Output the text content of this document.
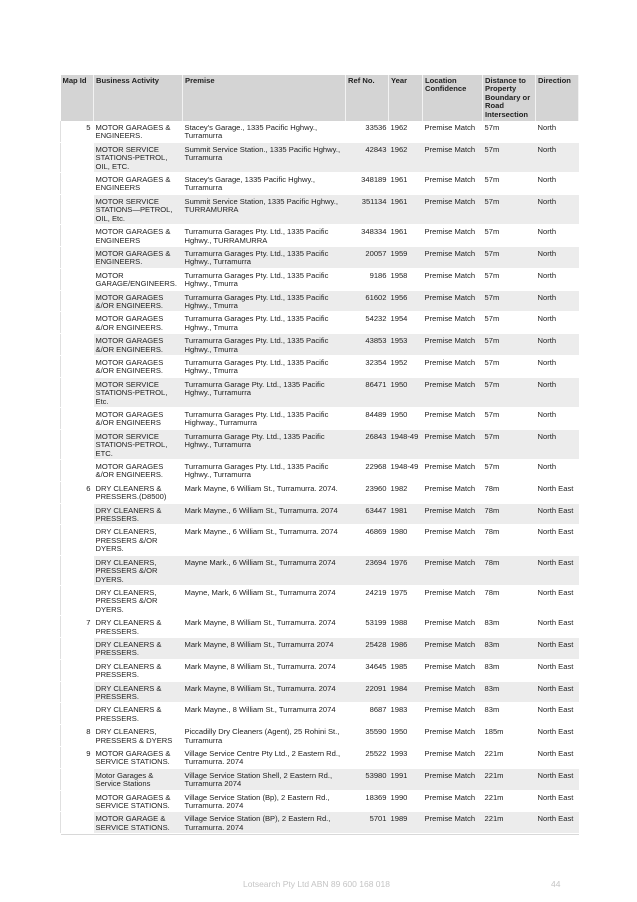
Map Id	Business Activity	Premise	Ref No.	Year	Location Confidence	Distance to Property Boundary or Road Intersection	Direction
5	MOTOR GARAGES & ENGINEERS.	Stacey's Garage., 1335 Pacific Hghwy., Turramurra	33536	1962	Premise Match	57m	North
	MOTOR SERVICE STATIONS-PETROL, OIL, ETC.	Summit Service Station., 1335 Pacific Hghwy., Turramurra	42843	1962	Premise Match	57m	North
	MOTOR GARAGES & ENGINEERS	Stacey's Garage, 1335 Pacific Hghwy., Turramurra	348189	1961	Premise Match	57m	North
	MOTOR SERVICE STATIONS—PETROL, OIL, Etc.	Summit Service Station, 1335 Pacific Hghwy., TURRAMURRA	351134	1961	Premise Match	57m	North
	MOTOR GARAGES & ENGINEERS	Turramurra Garages Pty. Ltd., 1335 Pacific Hghwy., TURRAMURRA	348334	1961	Premise Match	57m	North
	MOTOR GARAGES & ENGINEERS.	Turramurra Garages Pty. Ltd., 1335 Pacific Hghwy., Turramurra	20057	1959	Premise Match	57m	North
	MOTOR GARAGE/ENGINEERS.	Turramurra Garages Pty. Ltd., 1335 Pacific Hghwy., Tmurra	9186	1958	Premise Match	57m	North
	MOTOR GARAGES &/OR ENGINEERS.	Turramurra Garages Pty. Ltd., 1335 Pacific Hghwy., Tmurra	61602	1956	Premise Match	57m	North
	MOTOR GARAGES &/OR ENGINEERS.	Turramurra Garages Pty. Ltd., 1335 Pacific Hghwy., Tmurra	54232	1954	Premise Match	57m	North
	MOTOR GARAGES &/OR ENGINEERS.	Turramurra Garages Pty. Ltd., 1335 Pacific Hghwy., Tmurra	43853	1953	Premise Match	57m	North
	MOTOR GARAGES &/OR ENGINEERS.	Turramurra Garages Pty. Ltd., 1335 Pacific Hghwy., Tmurra	32354	1952	Premise Match	57m	North
	MOTOR SERVICE STATIONS-PETROL, Etc.	Turramurra Garage Pty. Ltd., 1335 Pacific Hghwy., Turramurra	86471	1950	Premise Match	57m	North
	MOTOR GARAGES &/OR ENGINEERS	Turramurra Garages Pty. Ltd., 1335 Pacific Highway., Turramurra	84489	1950	Premise Match	57m	North
	MOTOR SERVICE STATIONS-PETROL, ETC.	Turramurra Garage Pty. Ltd., 1335 Pacific Hghwy., Turramurra	26843	1948-49	Premise Match	57m	North
	MOTOR GARAGES &/OR ENGINEERS.	Turramurra Garages Pty. Ltd., 1335 Pacific Hghwy., Turramurra	22968	1948-49	Premise Match	57m	North
6	DRY CLEANERS & PRESSERS.(D8500)	Mark Mayne, 6 William St., Turramurra. 2074.	23960	1982	Premise Match	78m	North East
	DRY CLEANERS & PRESSERS.	Mark Mayne., 6 William St., Turramurra. 2074	63447	1981	Premise Match	78m	North East
	DRY CLEANERS, PRESSERS &/OR DYERS.	Mark Mayne., 6 William St., Turramurra. 2074	46869	1980	Premise Match	78m	North East
	DRY CLEANERS, PRESSERS &/OR DYERS.	Mayne Mark., 6 William St., Turramurra 2074	23694	1976	Premise Match	78m	North East
	DRY CLEANERS, PRESSERS &/OR DYERS.	Mayne, Mark, 6 William St., Turramurra 2074	24219	1975	Premise Match	78m	North East
7	DRY CLEANERS & PRESSERS.	Mark Mayne, 8 William St., Turramurra. 2074	53199	1988	Premise Match	83m	North East
	DRY CLEANERS & PRESSERS.	Mark Mayne, 8 William St., Turramurra 2074	25428	1986	Premise Match	83m	North East
	DRY CLEANERS & PRESSERS.	Mark Mayne, 8 William St., Turramurra. 2074	34645	1985	Premise Match	83m	North East
	DRY CLEANERS & PRESSERS.	Mark Mayne, 8 William St., Turramurra. 2074	22091	1984	Premise Match	83m	North East
	DRY CLEANERS & PRESSERS.	Mark Mayne., 8 William St., Turramurra 2074	8687	1983	Premise Match	83m	North East
8	DRY CLEANERS, PRESSERS & DYERS	Piccadilly Dry Cleaners (Agent), 25 Rohini St., Turramurra	35590	1950	Premise Match	185m	North East
9	MOTOR GARAGES & SERVICE STATIONS.	Village Service Centre Pty Ltd., 2 Eastern Rd., Turramurra. 2074	25522	1993	Premise Match	221m	North East
	Motor Garages & Service Stations	Village Service Station Shell, 2 Eastern Rd., Turramurra 2074	53980	1991	Premise Match	221m	North East
	MOTOR GARAGES & SERVICE STATIONS.	Village Service Station (Bp), 2 Eastern Rd., Turramurra. 2074	18369	1990	Premise Match	221m	North East
	MOTOR GARAGE & SERVICE STATIONS.	Village Service Station (BP), 2 Eastern Rd., Turramurra. 2074	5701	1989	Premise Match	221m	North East

Lotsearch Pty Ltd ABN 89 600 168 018	44
